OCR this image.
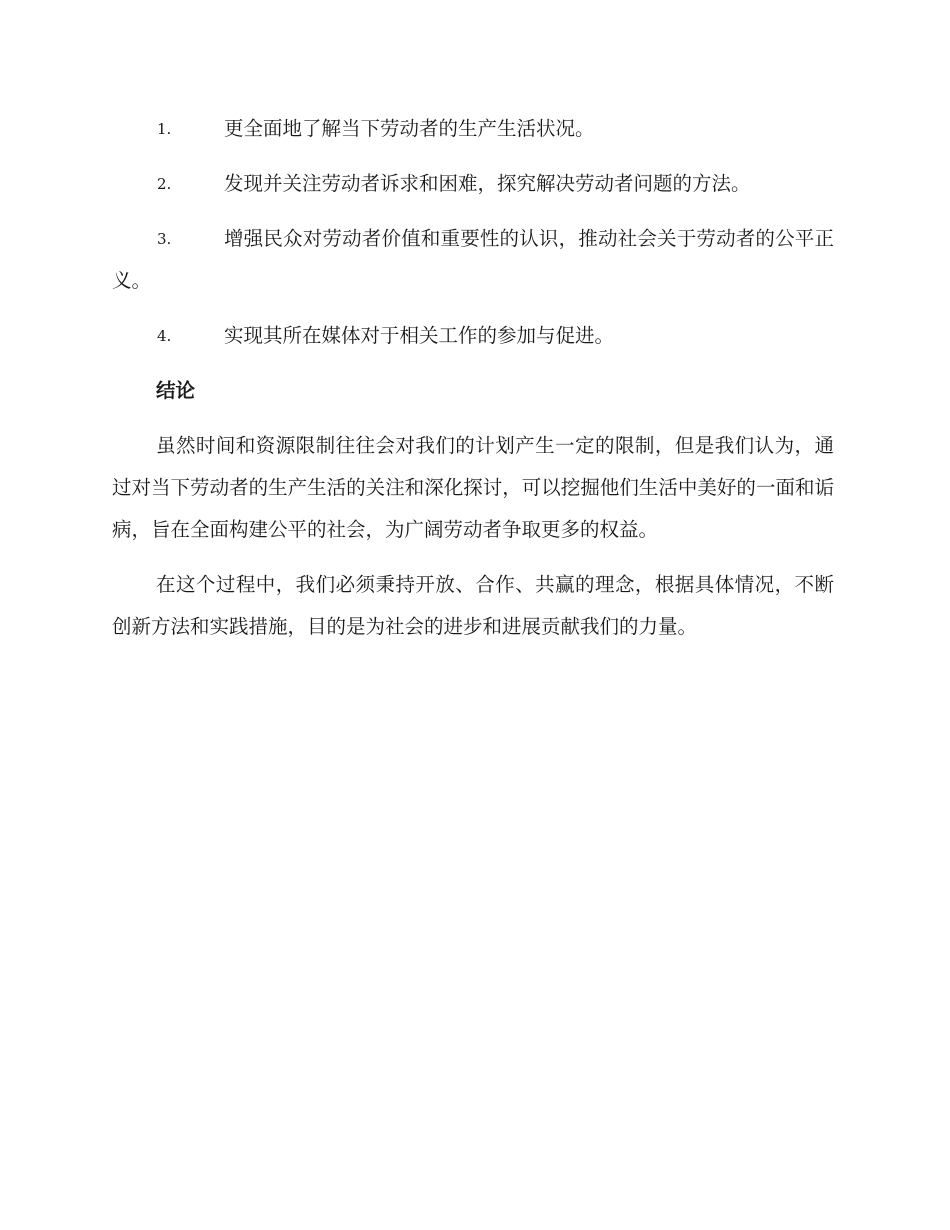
1.	更全面地了解当下劳动者的生产生活状况。
2.	发现并关注劳动者诉求和困难，探究解决劳动者问题的方法。
3.	增强民众对劳动者价值和重要性的认识，推动社会关于劳动者的公平正义。
4.	实现其所在媒体对于相关工作的参加与促进。
结论

虽然时间和资源限制往往会对我们的计划产生一定的限制，但是我们认为，通过对当下劳动者的生产生活的关注和深化探讨，可以挖掘他们生活中美好的一面和诟病，旨在全面构建公平的社会，为广阔劳动者争取更多的权益。

在这个过程中，我们必须秉持开放、合作、共赢的理念，根据具体情况，不断创新方法和实践措施，目的是为社会的进步和进展贡献我们的力量。
